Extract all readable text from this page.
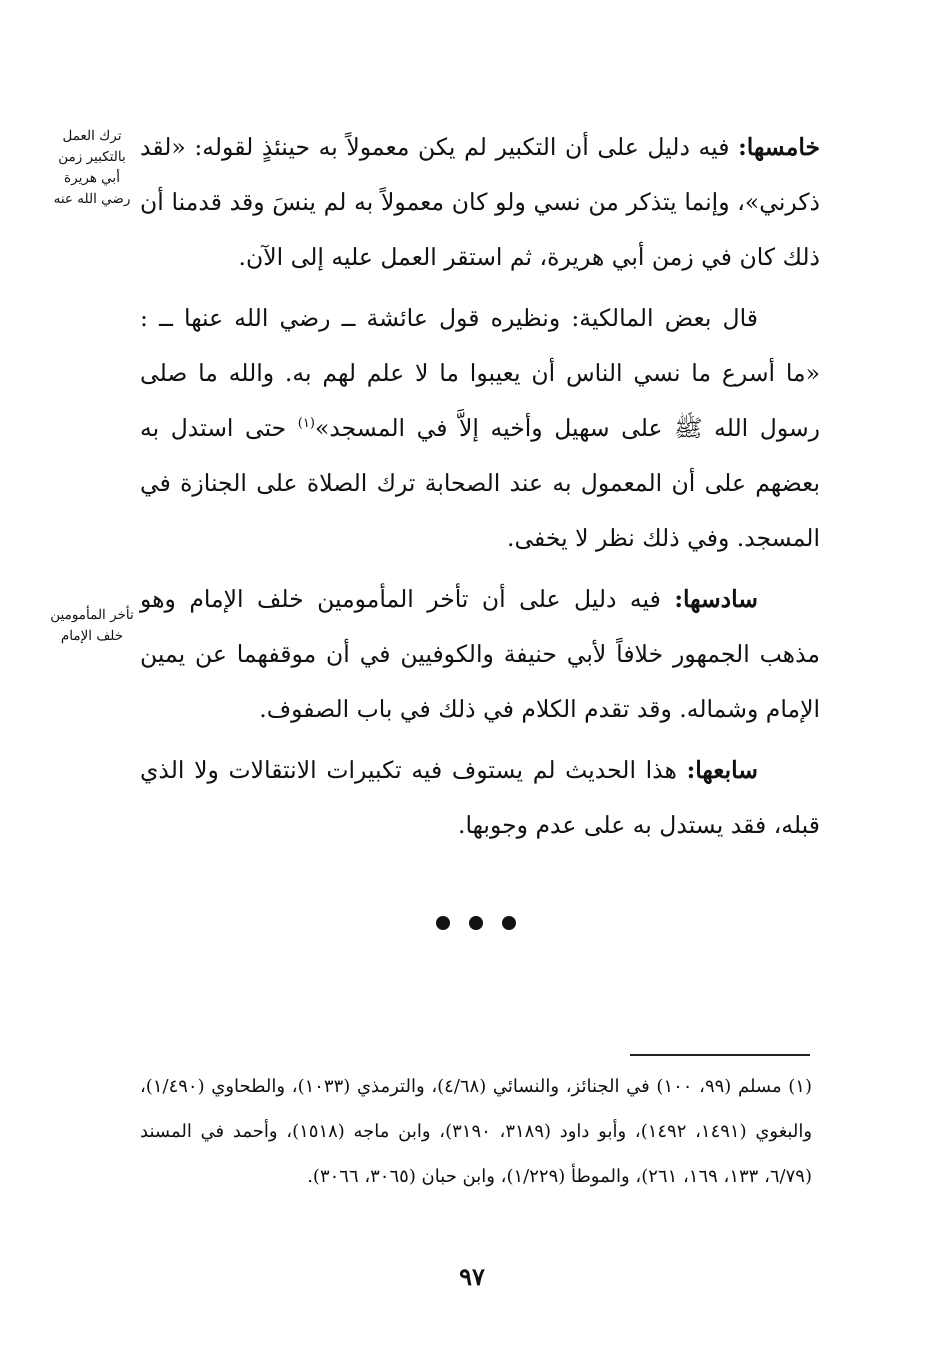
ترك العمل بالتكبير زمن أبي هريرة رضي الله عنه
تأخر المأمومين خلف الإمام

خامسها: فيه دليل على أن التكبير لم يكن معمولاً به حينئذٍ لقوله: «لقد ذكرني»، وإنما يتذكر من نسي ولو كان معمولاً به لم ينسَ وقد قدمنا أن ذلك كان في زمن أبي هريرة، ثم استقر العمل عليه إلى الآن.

قال بعض المالكية: ونظيره قول عائشة ــ رضي الله عنها ــ : «ما أسرع ما نسي الناس أن يعيبوا ما لا علم لهم به. والله ما صلى رسول الله ﷺ على سهيل وأخيه إلاَّ في المسجد»$^{(١)}$ حتى استدل به بعضهم على أن المعمول به عند الصحابة ترك الصلاة على الجنازة في المسجد. وفي ذلك نظر لا يخفى.

سادسها: فيه دليل على أن تأخر المأمومين خلف الإمام وهو مذهب الجمهور خلافاً لأبي حنيفة والكوفيين في أن موقفهما عن يمين الإمام وشماله. وقد تقدم الكلام في ذلك في باب الصفوف.

سابعها: هذا الحديث لم يستوف فيه تكبيرات الانتقالات ولا الذي قبله، فقد يستدل به على عدم وجوبها.

(١) مسلم (٩٩، ١٠٠) في الجنائز، والنسائي (٤/٦٨)، والترمذي (١٠٣٣)، والطحاوي (١/٤٩٠)، والبغوي (١٤٩١، ١٤٩٢)، وأبو داود (٣١٨٩، ٣١٩٠)، وابن ماجه (١٥١٨)، وأحمد في المسند (٦/٧٩، ١٣٣، ١٦٩، ٢٦١)، والموطأ (١/٢٢٩)، وابن حبان (٣٠٦٥، ٣٠٦٦).

٩٧
